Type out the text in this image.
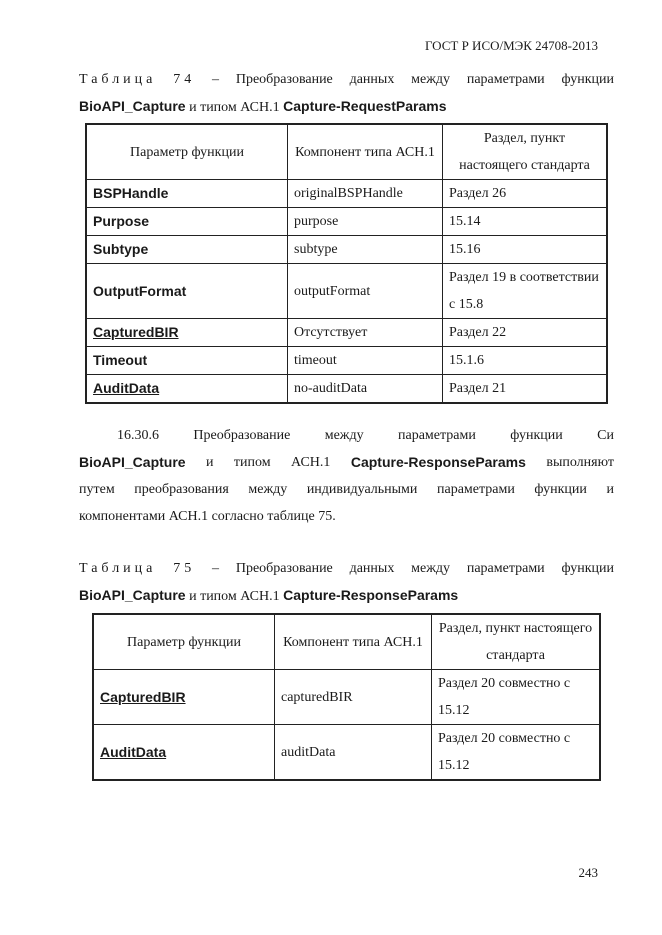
ГОСТ Р ИСО/МЭК 24708-2013
Таблица 74 – Преобразование данных между параметрами функции
BioAPI_Capture и типом АСН.1 Capture-RequestParams
Параметр функции	Компонент типа АСН.1	Раздел, пункт настоящего стандарта
BSPHandle	originalBSPHandle	Раздел 26
Purpose	purpose	15.14
Subtype	subtype	15.16
OutputFormat	outputFormat	Раздел 19 в соответствии с 15.8
CapturedBIR	Отсутствует	Раздел 22
Timeout	timeout	15.1.6
AuditData	no-auditData	Раздел 21
16.30.6 Преобразование между параметрами функции Си
BioAPI_Capture и типом АСН.1 Capture-ResponseParams выполняют
путем преобразования между индивидуальными параметрами функции и
компонентами АСН.1 согласно таблице 75.
Таблица 75 – Преобразование данных между параметрами функции
BioAPI_Capture и типом АСН.1 Capture-ResponseParams
Параметр функции	Компонент типа АСН.1	Раздел, пункт настоящего стандарта
CapturedBIR	capturedBIR	Раздел 20 совместно с 15.12
AuditData	auditData	Раздел 20 совместно с 15.12
243
